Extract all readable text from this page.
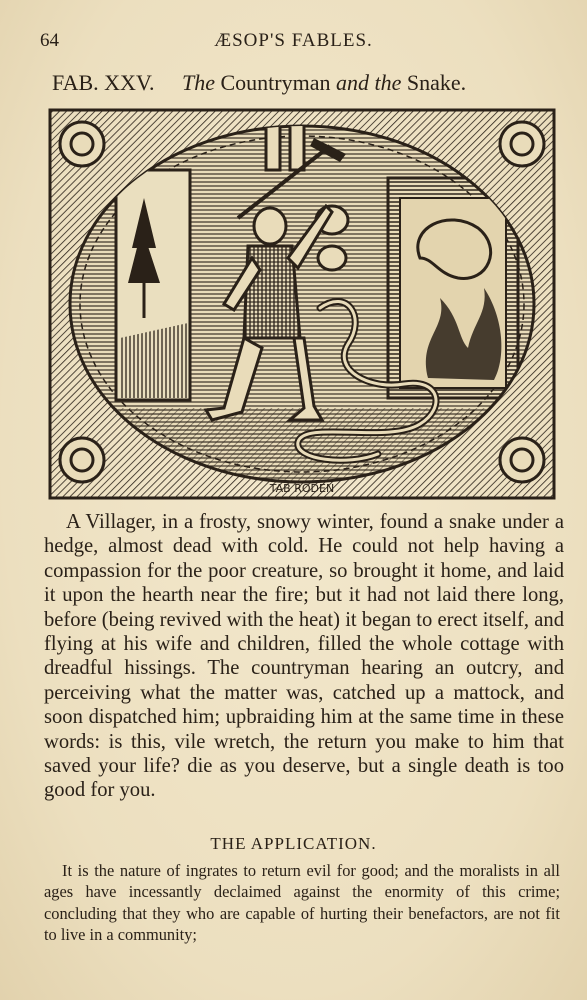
64	ÆSOP'S FABLES.
FAB. XXV. The Countryman and the Snake.
TAB RODEN

A Villager, in a frosty, snowy winter, found a snake under a hedge, almost dead with cold. He could not help having a compassion for the poor creature, so brought it home, and laid it upon the hearth near the fire; but it had not laid there long, before (being revived with the heat) it began to erect itself, and flying at his wife and children, filled the whole cottage with dreadful hissings. The countryman hearing an outcry, and perceiving what the matter was, catched up a mattock, and soon dispatched him; upbraiding him at the same time in these words: is this, vile wretch, the return you make to him that saved your life? die as you deserve, but a single death is too good for you.

THE APPLICATION.

It is the nature of ingrates to return evil for good; and the moralists in all ages have incessantly declaimed against the enormity of this crime; concluding that they who are capable of hurting their benefactors, are not fit to live in a community;
